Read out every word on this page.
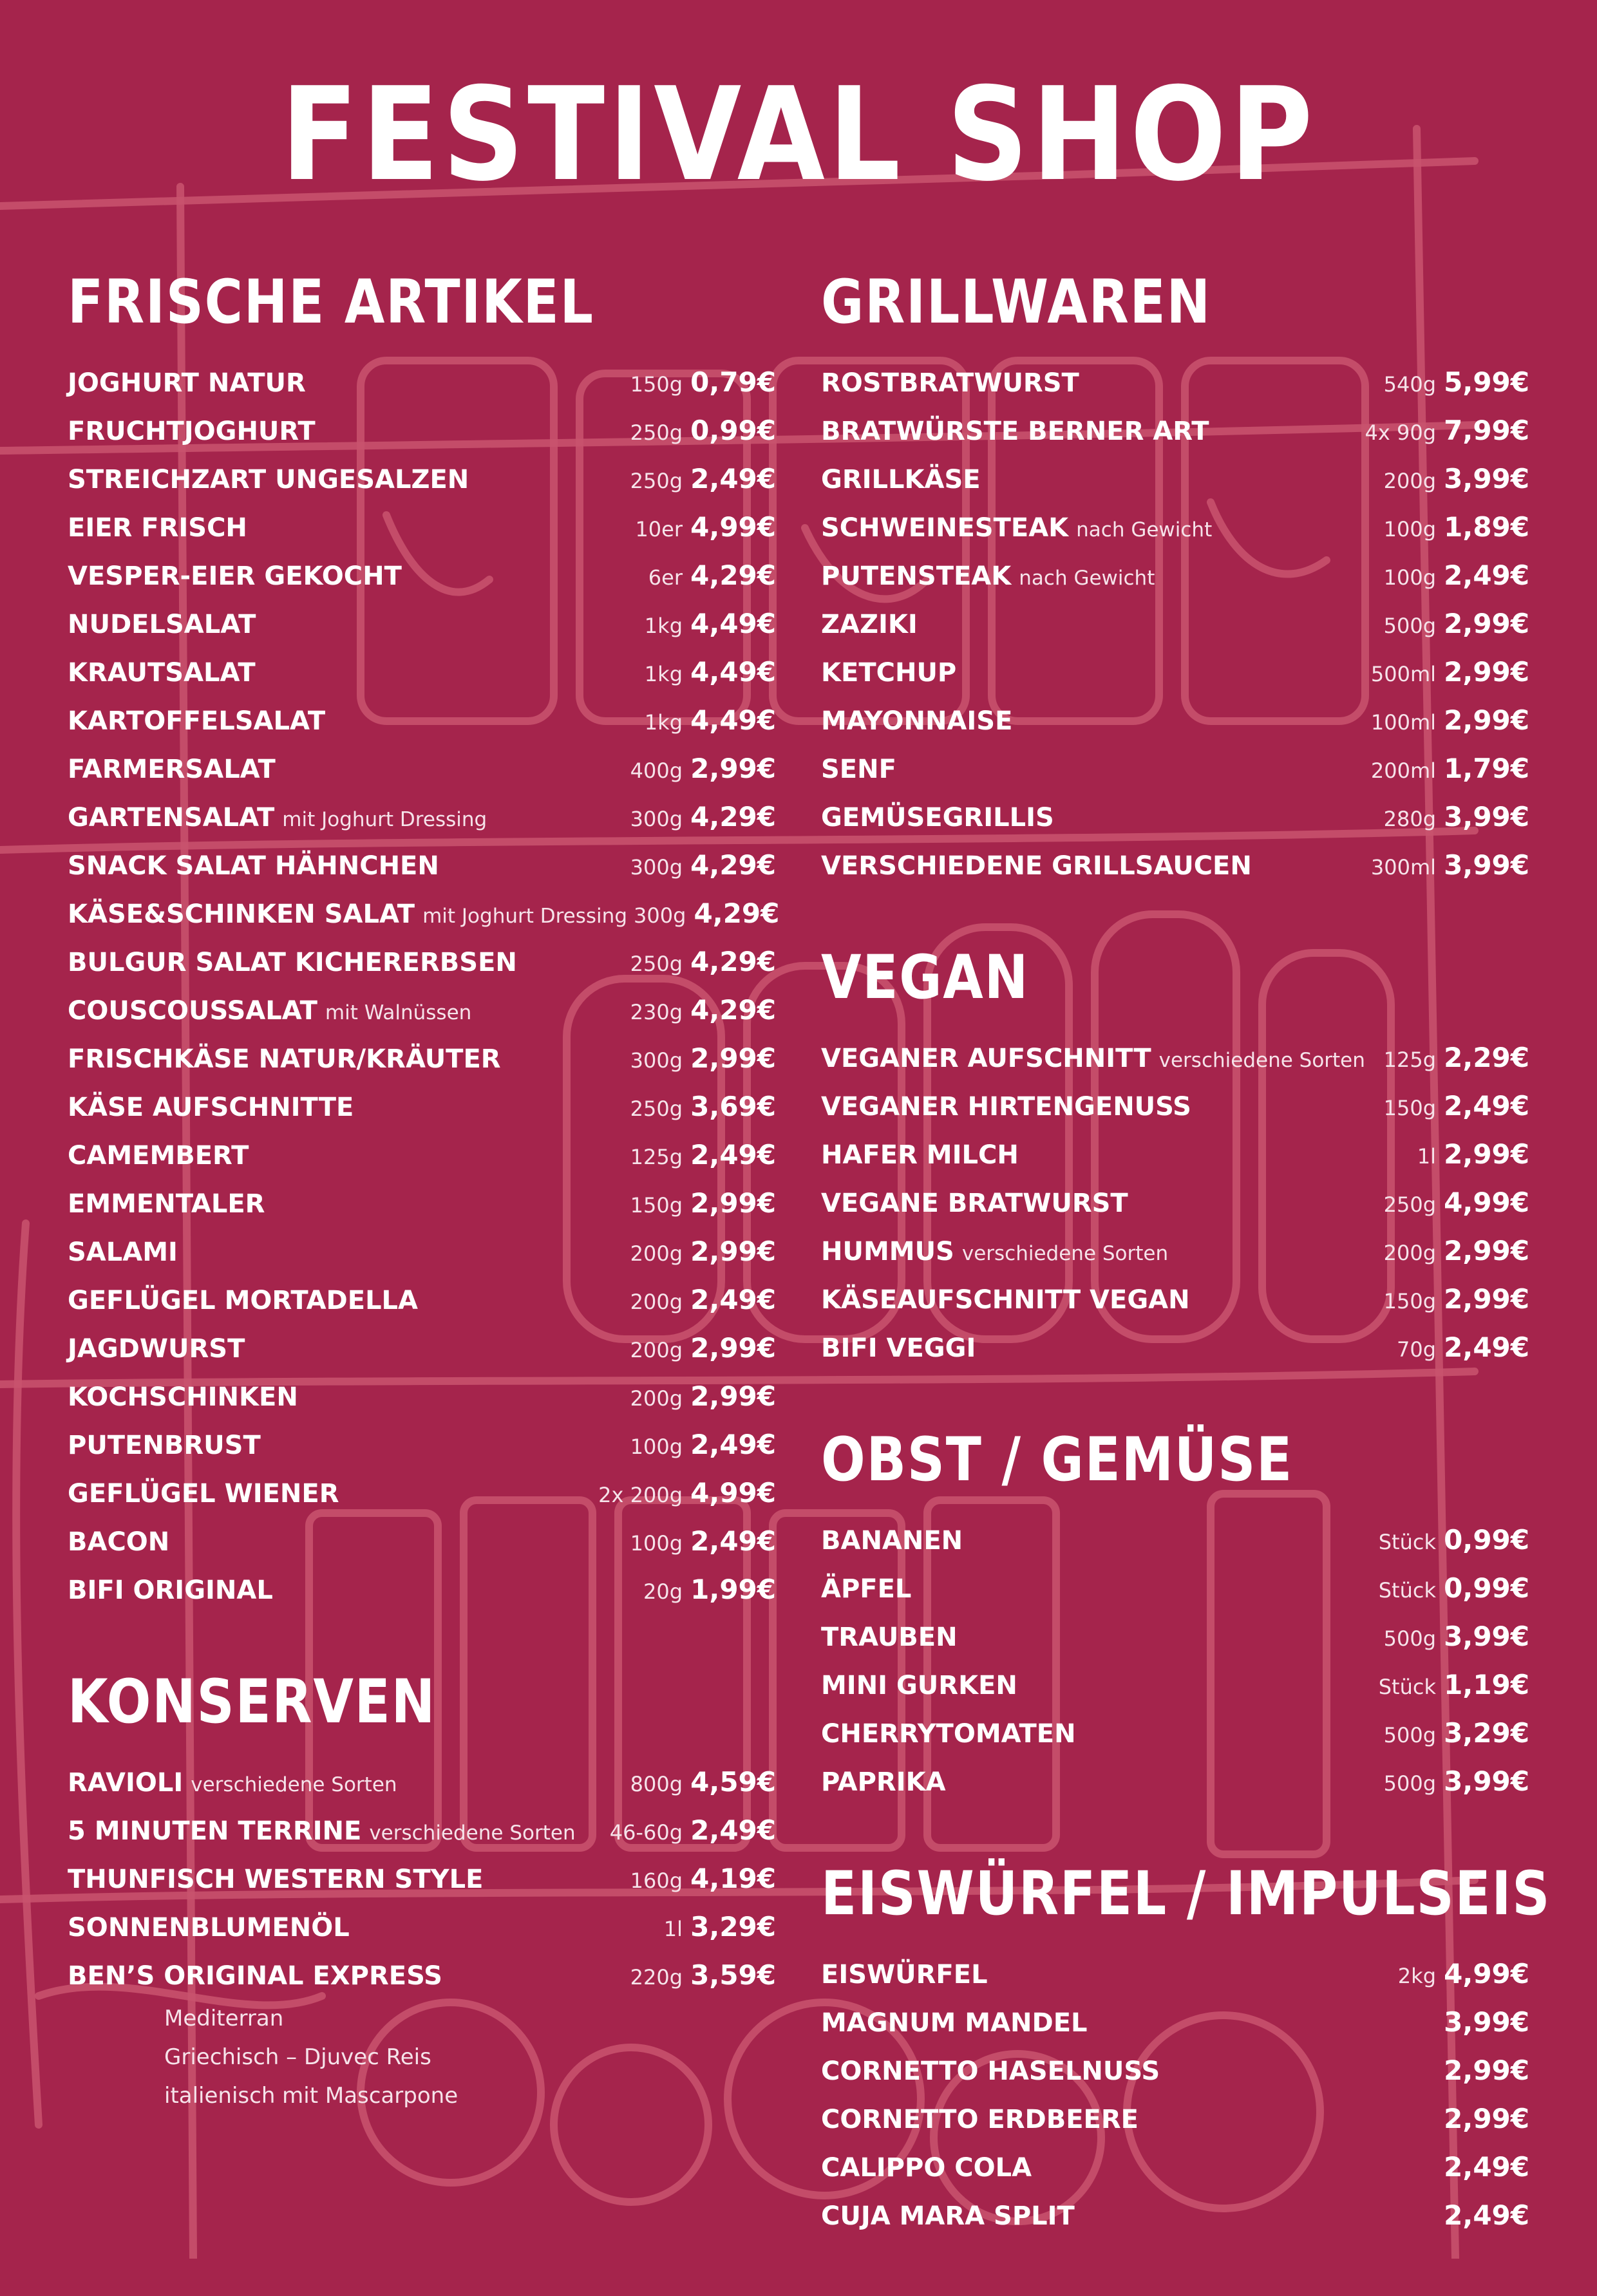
FESTIVAL SHOP
FRISCHE ARTIKEL
JOGHURT NATUR	150g 0,79€
FRUCHTJOGHURT	250g 0,99€
STREICHZART UNGESALZEN	250g 2,49€
EIER FRISCH	10er 4,99€
VESPER-EIER GEKOCHT	6er 4,29€
NUDELSALAT	1kg 4,49€
KRAUTSALAT	1kg 4,49€
KARTOFFELSALAT	1kg 4,49€
FARMERSALAT	400g 2,99€
GARTENSALAT mit Joghurt Dressing	300g 4,29€
SNACK SALAT HÄHNCHEN	300g 4,29€
KÄSE&SCHINKEN SALAT mit Joghurt Dressing 300g 4,29€
BULGUR SALAT KICHERERBSEN	250g 4,29€
COUSCOUSSALAT mit Walnüssen	230g 4,29€
FRISCHKÄSE NATUR/KRÄUTER	300g 2,99€
KÄSE AUFSCHNITTE	250g 3,69€
CAMEMBERT	125g 2,49€
EMMENTALER	150g 2,99€
SALAMI	200g 2,99€
GEFLÜGEL MORTADELLA	200g 2,49€
JAGDWURST	200g 2,99€
KOCHSCHINKEN	200g 2,99€
PUTENBRUST	100g 2,49€
GEFLÜGEL WIENER	2x 200g 4,99€
BACON	100g 2,49€
BIFI ORIGINAL	20g 1,99€
KONSERVEN
RAVIOLI verschiedene Sorten	800g 4,59€
5 MINUTEN TERRINE verschiedene Sorten 46-60g 2,49€
THUNFISCH WESTERN STYLE	160g 4,19€
SONNENBLUMENÖL	1l 3,29€
BEN’S ORIGINAL EXPRESS	220g 3,59€
Mediterran
Griechisch – Djuvec Reis
italienisch mit Mascarpone
GRILLWAREN
ROSTBRATWURST	540g 5,99€
BRATWÜRSTE BERNER ART	4x 90g 7,99€
GRILLKÄSE	200g 3,99€
SCHWEINESTEAK nach Gewicht	100g 1,89€
PUTENSTEAK nach Gewicht	100g 2,49€
ZAZIKI	500g 2,99€
KETCHUP	500ml 2,99€
MAYONNAISE	100ml 2,99€
SENF	200ml 1,79€
GEMÜSEGRILLIS	280g 3,99€
VERSCHIEDENE GRILLSAUCEN	300ml 3,99€
VEGAN
VEGANER AUFSCHNITT verschiedene Sorten 125g 2,29€
VEGANER HIRTENGENUSS	150g 2,49€
HAFER MILCH	1l 2,99€
VEGANE BRATWURST	250g 4,99€
HUMMUS verschiedene Sorten	200g 2,99€
KÄSEAUFSCHNITT VEGAN	150g 2,99€
BIFI VEGGI	70g 2,49€
OBST / GEMÜSE
BANANEN	Stück 0,99€
ÄPFEL	Stück 0,99€
TRAUBEN	500g 3,99€
MINI GURKEN	Stück 1,19€
CHERRYTOMATEN	500g 3,29€
PAPRIKA	500g 3,99€
EISWÜRFEL / IMPULSEIS
EISWÜRFEL	2kg 4,99€
MAGNUM MANDEL	3,99€
CORNETTO HASELNUSS	2,99€
CORNETTO ERDBEERE	2,99€
CALIPPO COLA	2,49€
CUJA MARA SPLIT	2,49€
